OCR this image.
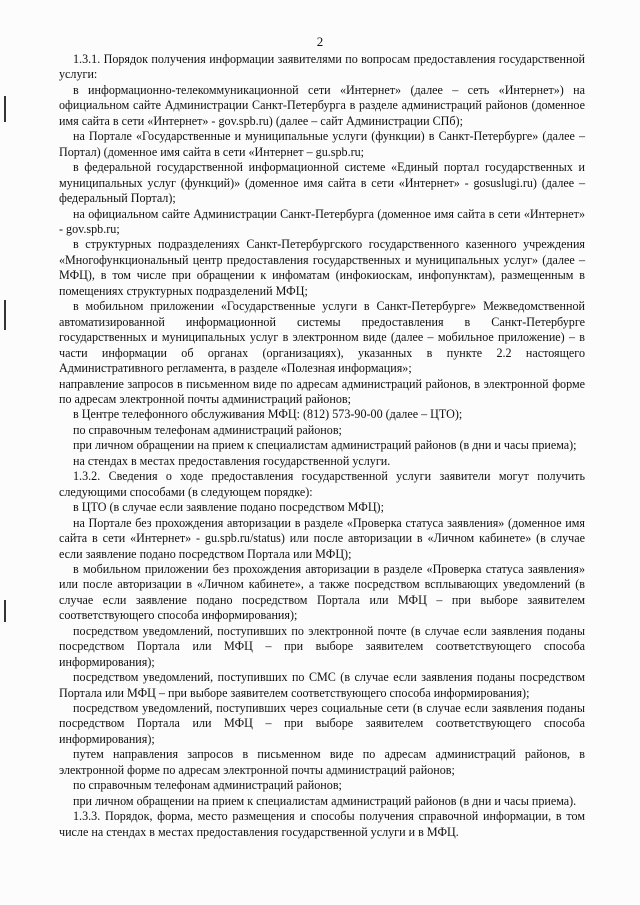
2

1.3.1. Порядок получения информации заявителями по вопросам предоставления государственной услуги:

в информационно-телекоммуникационной сети «Интернет» (далее – сеть «Интернет») на официальном сайте Администрации Санкт-Петербурга в разделе администраций районов (доменное имя сайта в сети «Интернет» - gov.spb.ru) (далее – сайт Администрации СПб);

на Портале «Государственные и муниципальные услуги (функции) в Санкт-Петербурге» (далее – Портал) (доменное имя сайта в сети «Интернет – gu.spb.ru;

в федеральной государственной информационной системе «Единый портал государственных и муниципальных услуг (функций)» (доменное имя сайта в сети «Интернет» - gosuslugi.ru) (далее – федеральный Портал);

на официальном сайте Администрации Санкт-Петербурга (доменное имя сайта в сети «Интернет» - gov.spb.ru;

в структурных подразделениях Санкт-Петербургского государственного казенного учреждения «Многофункциональный центр предоставления государственных и муниципальных услуг» (далее – МФЦ), в том числе при обращении к инфоматам (инфокиоскам, инфопунктам), размещенным в помещениях структурных подразделений МФЦ;

в мобильном приложении «Государственные услуги в Санкт-Петербурге» Межведомственной автоматизированной информационной системы предоставления в Санкт-Петербурге государственных и муниципальных услуг в электронном виде (далее – мобильное приложение) – в части информации об органах (организациях), указанных в пункте 2.2 настоящего Административного регламента, в разделе «Полезная информация»;

направление запросов в письменном виде по адресам администраций районов, в электронной форме по адресам электронной почты администраций районов;

в Центре телефонного обслуживания МФЦ: (812) 573-90-00 (далее – ЦТО);

по справочным телефонам администраций районов;

при личном обращении на прием к специалистам администраций районов (в дни и часы приема);

на стендах в местах предоставления государственной услуги.

1.3.2. Сведения о ходе предоставления государственной услуги заявители могут получить следующими способами (в следующем порядке):

в ЦТО (в случае если заявление подано посредством МФЦ);

на Портале без прохождения авторизации в разделе «Проверка статуса заявления» (доменное имя сайта в сети «Интернет» - gu.spb.ru/status) или после авторизации в «Личном кабинете» (в случае если заявление подано посредством Портала или МФЦ);

в мобильном приложении без прохождения авторизации в разделе «Проверка статуса заявления» или после авторизации в «Личном кабинете», а также посредством всплывающих уведомлений (в случае если заявление подано посредством Портала или МФЦ – при выборе заявителем соответствующего способа информирования);

посредством уведомлений, поступивших по электронной почте (в случае если заявления поданы посредством Портала или МФЦ – при выборе заявителем соответствующего способа информирования);

посредством уведомлений, поступивших по СМС (в случае если заявления поданы посредством Портала или МФЦ – при выборе заявителем соответствующего способа информирования);

посредством уведомлений, поступивших через социальные сети (в случае если заявления поданы посредством Портала или МФЦ – при выборе заявителем соответствующего способа информирования);

путем направления запросов в письменном виде по адресам администраций районов, в электронной форме по адресам электронной почты администраций районов;

по справочным телефонам администраций районов;

при личном обращении на прием к специалистам администраций районов (в дни и часы приема).

1.3.3. Порядок, форма, место размещения и способы получения справочной информации, в том числе на стендах в местах предоставления государственной услуги и в МФЦ.
